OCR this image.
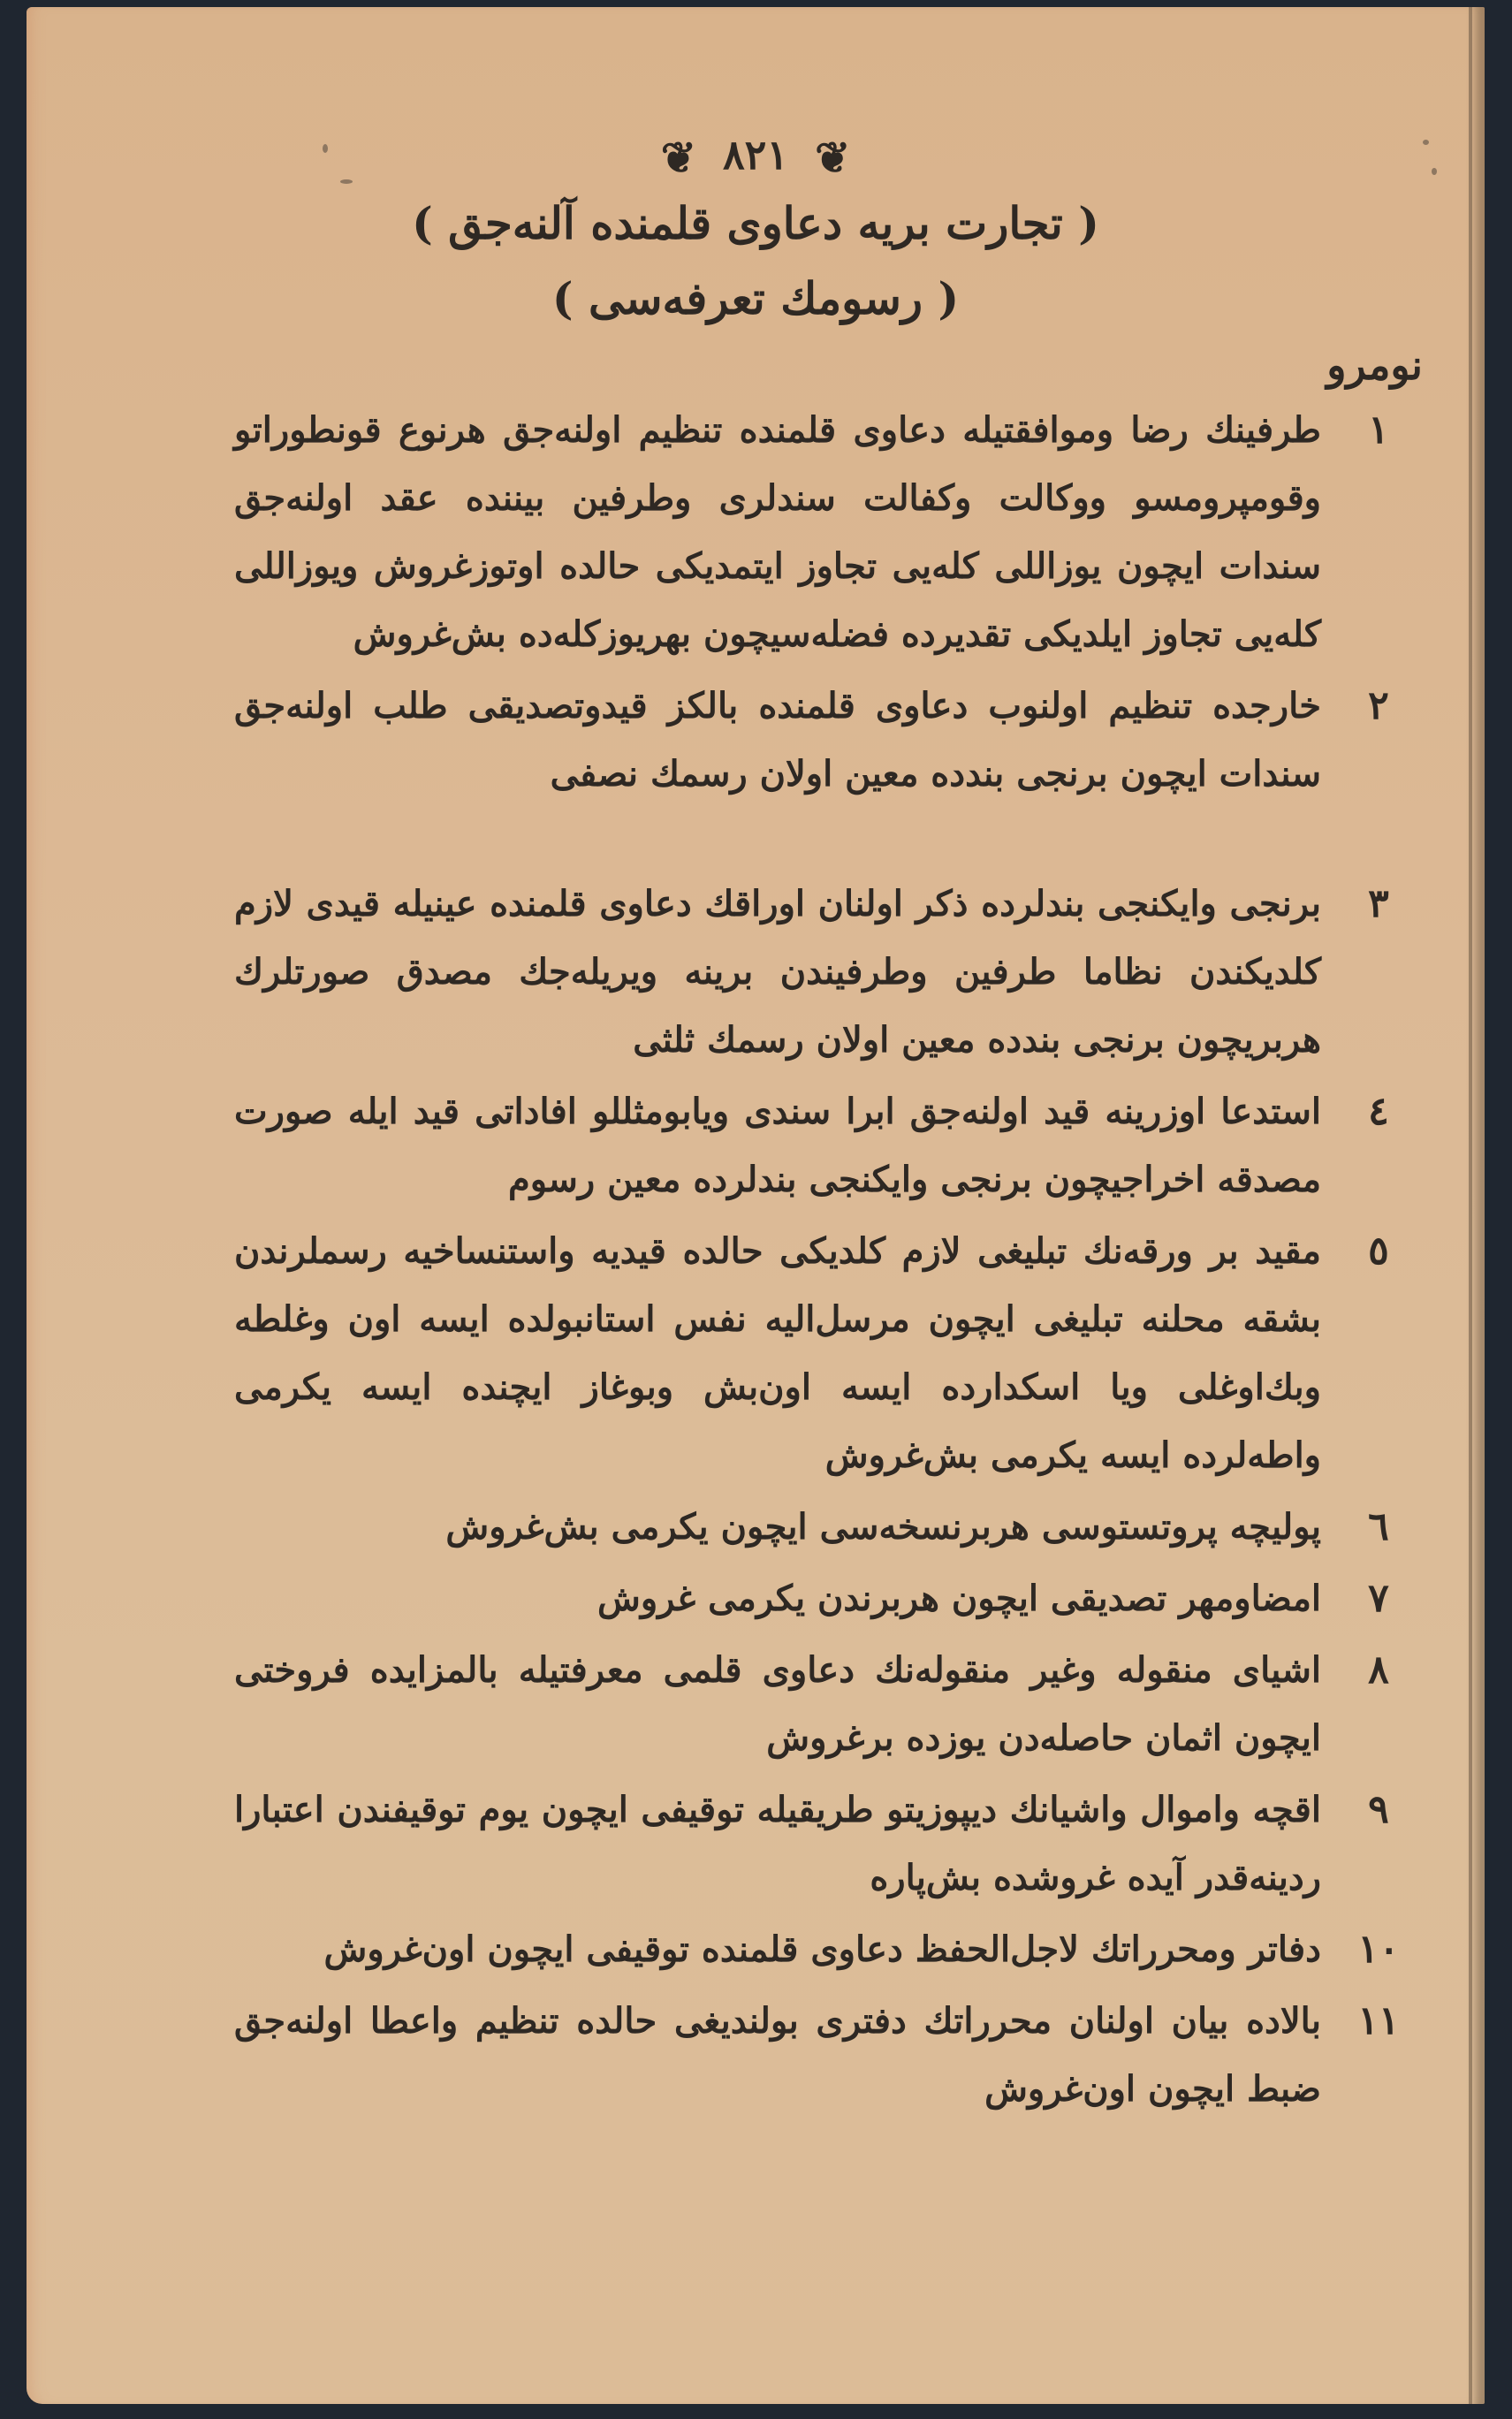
❦ ٨٢١ ❦
( تجارت بريه دعاوى قلمنده آلنه‌جق )
( رسومك تعرفه‌سى )
نومرو
١
طرفينك رضا وموافقتيله دعاوى قلمنده تنظيم اولنه‌جق هرنوع قونطوراتو وقومپرومسو ووكالت وكفالت سندلرى وطرفين بيننده عقد اولنه‌جق سندات ايچون يوزاللى كله‌يى تجاوز ايتمديكى حالده اوتوزغروش ويوزاللى كله‌يى تجاوز ايلديكى تقديرده فضله‌سيچون بهريوزكله‌ده بش‌غروش
٢
خارجده تنظيم اولنوب دعاوى قلمنده بالكز قيدوتصديقى طلب اولنه‌جق سندات ايچون برنجى بندده معين اولان رسمك نصفى
٣
برنجى وايكنجى بندلرده ذكر اولنان اوراقك دعاوى قلمنده عينيله قيدى لازم كلديكندن نظاما طرفين وطرفيندن برينه ويريله‌جك مصدق صورتلرك هربريچون برنجى بندده معين اولان رسمك ثلثى
٤
استدعا اوزرينه قيد اولنه‌جق ابرا سندى ويابومثللو افاداتى قيد ايله صورت مصدقه اخراجيچون برنجى وايكنجى بندلرده معين رسوم
٥
مقيد بر ورقه‌نك تبليغى لازم كلديكى حالده قيديه واستنساخيه رسملرندن بشقه محلنه تبليغى ايچون مرسل‌اليه نفس استانبولده ايسه اون وغلطه وبك‌اوغلى ويا اسكدارده ايسه اون‌بش وبوغاز ايچنده ايسه يكرمى واطه‌لرده ايسه يكرمى بش‌غروش
٦
پوليچه پروتستوسى هربرنسخه‌سى ايچون يكرمى بش‌غروش
٧
امضاومهر تصديقى ايچون هربرندن يكرمى غروش
٨
اشياى منقوله وغير منقوله‌نك دعاوى قلمى معرفتيله بالمزايده فروختى ايچون اثمان حاصله‌دن يوزده برغروش
٩
اقچه واموال واشيانك ديپوزيتو طريقيله توقيفى ايچون يوم توقيفندن اعتبارا ردينه‌قدر آيده غروشده بش‌پاره
١٠
دفاتر ومحرراتك لاجل‌الحفظ دعاوى قلمنده توقيفى ايچون اون‌غروش
١١
بالاده بيان اولنان محرراتك دفترى بولنديغى حالده تنظيم واعطا اولنه‌جق ضبط ايچون اون‌غروش
